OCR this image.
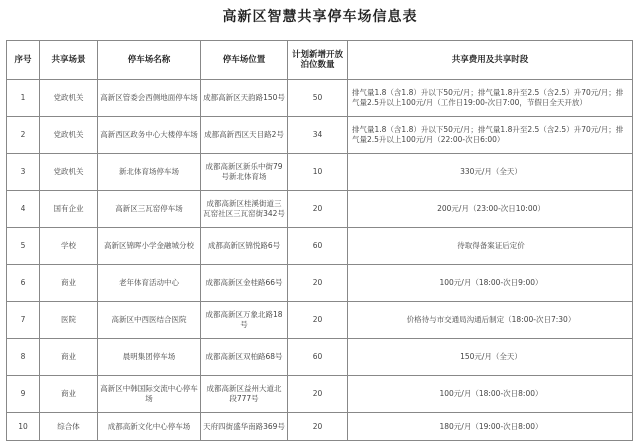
高新区智慧共享停车场信息表
序号	共享场景	停车场名称	停车场位置	计划新增开放泊位数量	共享费用及共享时段
1	党政机关	高新区管委会西侧地面停车场	成都高新区天韵路150号	50	排气量1.8（含1.8）升以下50元/月；排气量1.8升至2.5（含2.5）升70元/月；排气量2.5升以上100元/月（工作日19:00-次日7:00，节假日全天开放）
2	党政机关	高新西区政务中心大楼停车场	成都高新西区天目路2号	34	排气量1.8（含1.8）升以下50元/月；排气量1.8升至2.5（含2.5）升70元/月；排气量2.5升以上100元/月（22:00-次日6:00）
3	党政机关	新北体育场停车场	成都高新区新乐中街79号新北体育场	10	330元/月（全天）
4	国有企业	高新区三瓦窑停车场	成都高新区桂溪街道三瓦窑社区三瓦窑街342号	20	200元/月（23:00-次日10:00）
5	学校	高新区锦晖小学金融城分校	成都高新区锦悦路6号	60	待取得备案证后定价
6	商业	老年体育活动中心	成都高新区金桂路66号	20	100元/月（18:00-次日9:00）
7	医院	高新区中西医结合医院	成都高新区万象北路18号	20	价格待与市交通局沟通后制定（18:00-次日7:30）
8	商业	晨明集团停车场	成都高新区双柏路68号	60	150元/月（全天）
9	商业	高新区中韩国际交流中心停车场	成都高新区益州大道北段777号	20	100元/月（18:00-次日8:00）
10	综合体	成都高新文化中心停车场	天府四街盛华南路369号	20	180元/月（19:00-次日8:00）
